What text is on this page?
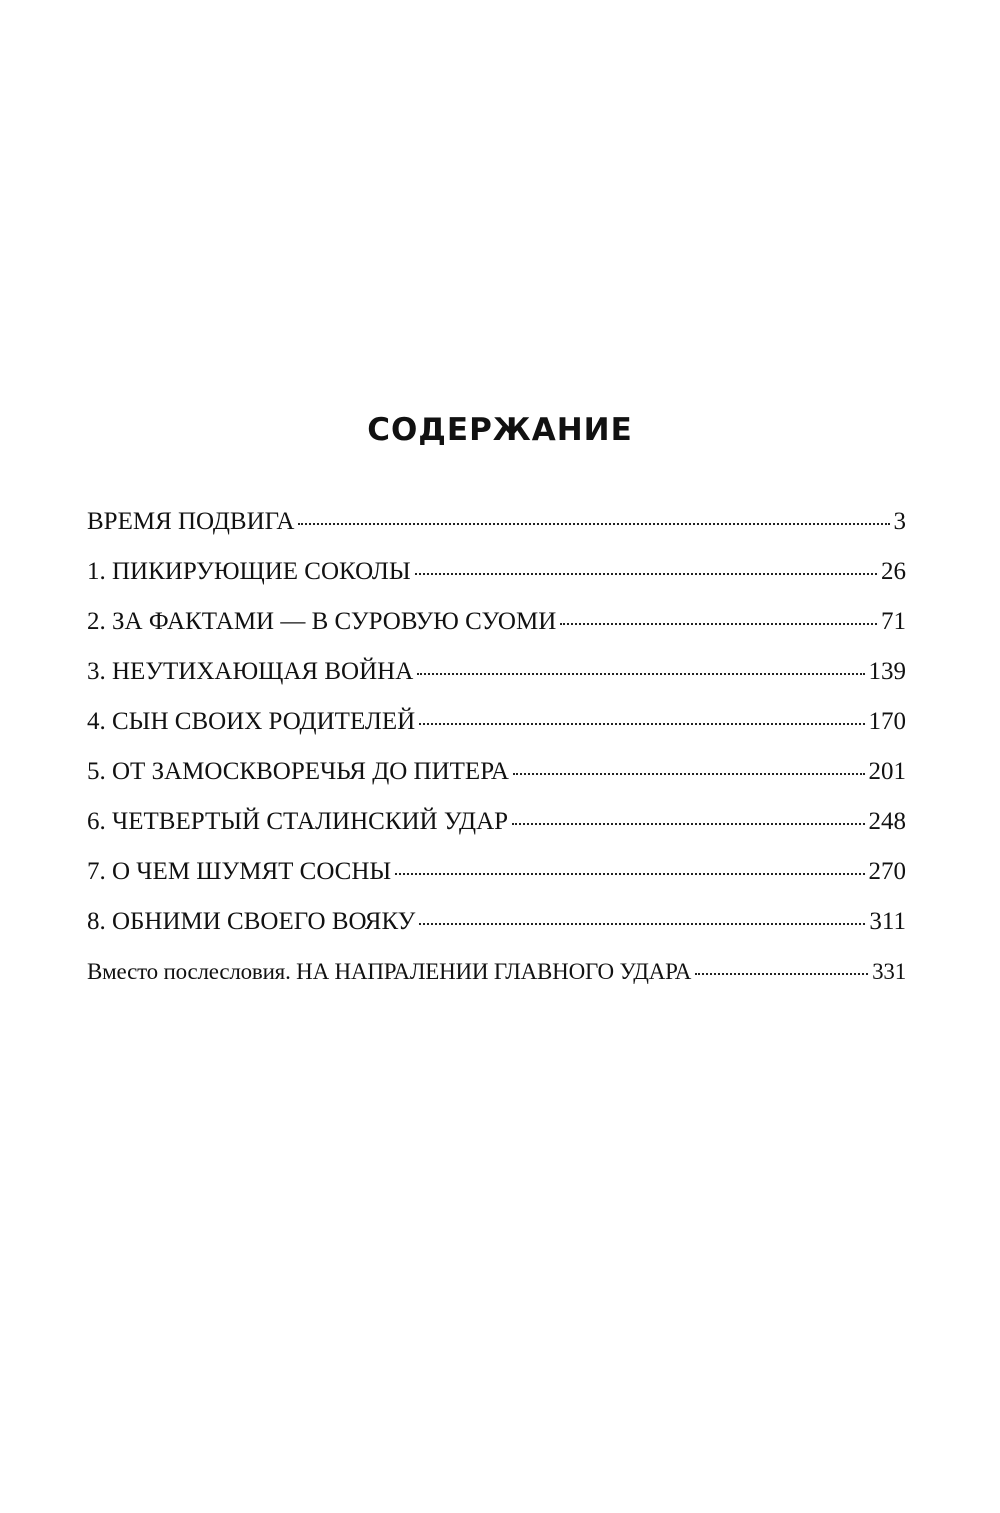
СОДЕРЖАНИЕ
ВРЕМЯ ПОДВИГА	3
1. ПИКИРУЮЩИЕ СОКОЛЫ	26
2. ЗА ФАКТАМИ — В СУРОВУЮ СУОМИ	71
3. НЕУТИХАЮЩАЯ ВОЙНА	139
4. СЫН СВОИХ РОДИТЕЛЕЙ	170
5. ОТ ЗАМОСКВОРЕЧЬЯ ДО ПИТЕРА	201
6. ЧЕТВЕРТЫЙ СТАЛИНСКИЙ УДАР	248
7. О ЧЕМ ШУМЯТ СОСНЫ	270
8. ОБНИМИ СВОЕГО ВОЯКУ	311
Вместо послесловия. НА НАПРАЛЕНИИ ГЛАВНОГО УДАРА	331
